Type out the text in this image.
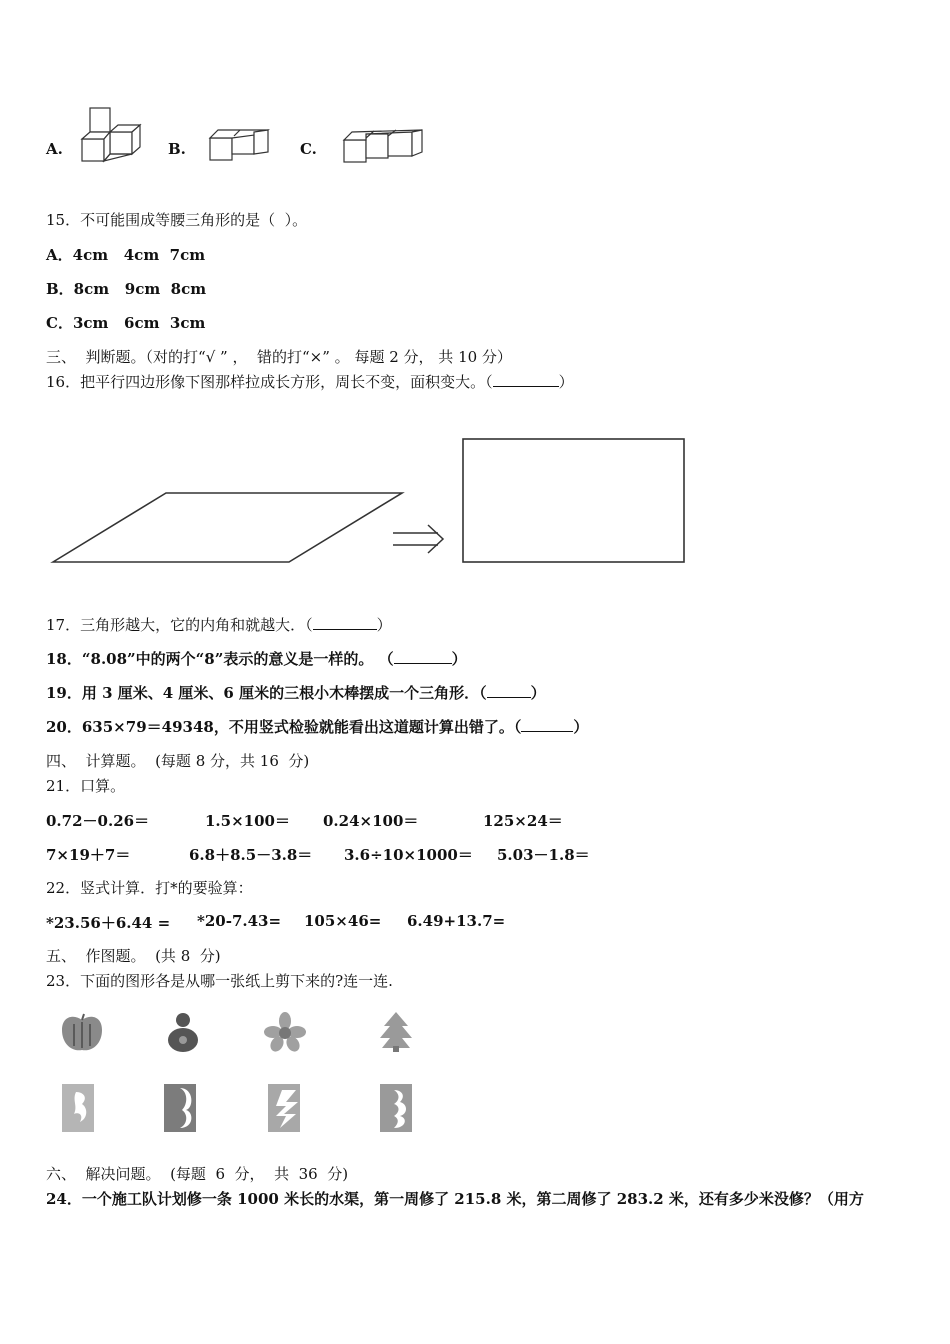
A.	B.	C.
15．不可能围成等腰三角形的是（  ）。
A．4cm   4cm  7cm
B．8cm   9cm  8cm
C．3cm   6cm  3cm
三、  判断题。（对的打“√ ” ，  错的打“×” 。 每题 2 分， 共 10 分）
16．把平行四边形像下图那样拉成长方形，周长不变，面积变大。（	）
17．三角形越大，它的内角和就越大．（	）
18．“8.08”中的两个“8”表示的意义是一样的。 （	）
19．用 3 厘米、4 厘米、6 厘米的三根小木棒摆成一个三角形．（	）
20．635×79＝49348，不用竖式检验就能看出这道题计算出错了。（	）
四、  计算题。  (每题 8 分，共 16  分)
21．口算。
0.72－0.26＝	1.5×100＝ 0.24×100＝	125×24＝
7×19＋7＝	6.8＋8.5－3.8＝ 3.6÷10×1000＝ 5.03－1.8＝
22．竖式计算．打*的要验算：
*23.56＋6.44 = *20-7.43= 105×46= 6.49+13.7=
五、  作图题。  (共 8  分)
23．下面的图形各是从哪一张纸上剪下来的?连一连.
六、  解决问题。  (每题  6  分，  共  36  分)
24．一个施工队计划修一条 1000 米长的水渠，第一周修了 215.8 米，第二周修了 283.2 米，还有多少米没修？（用方
